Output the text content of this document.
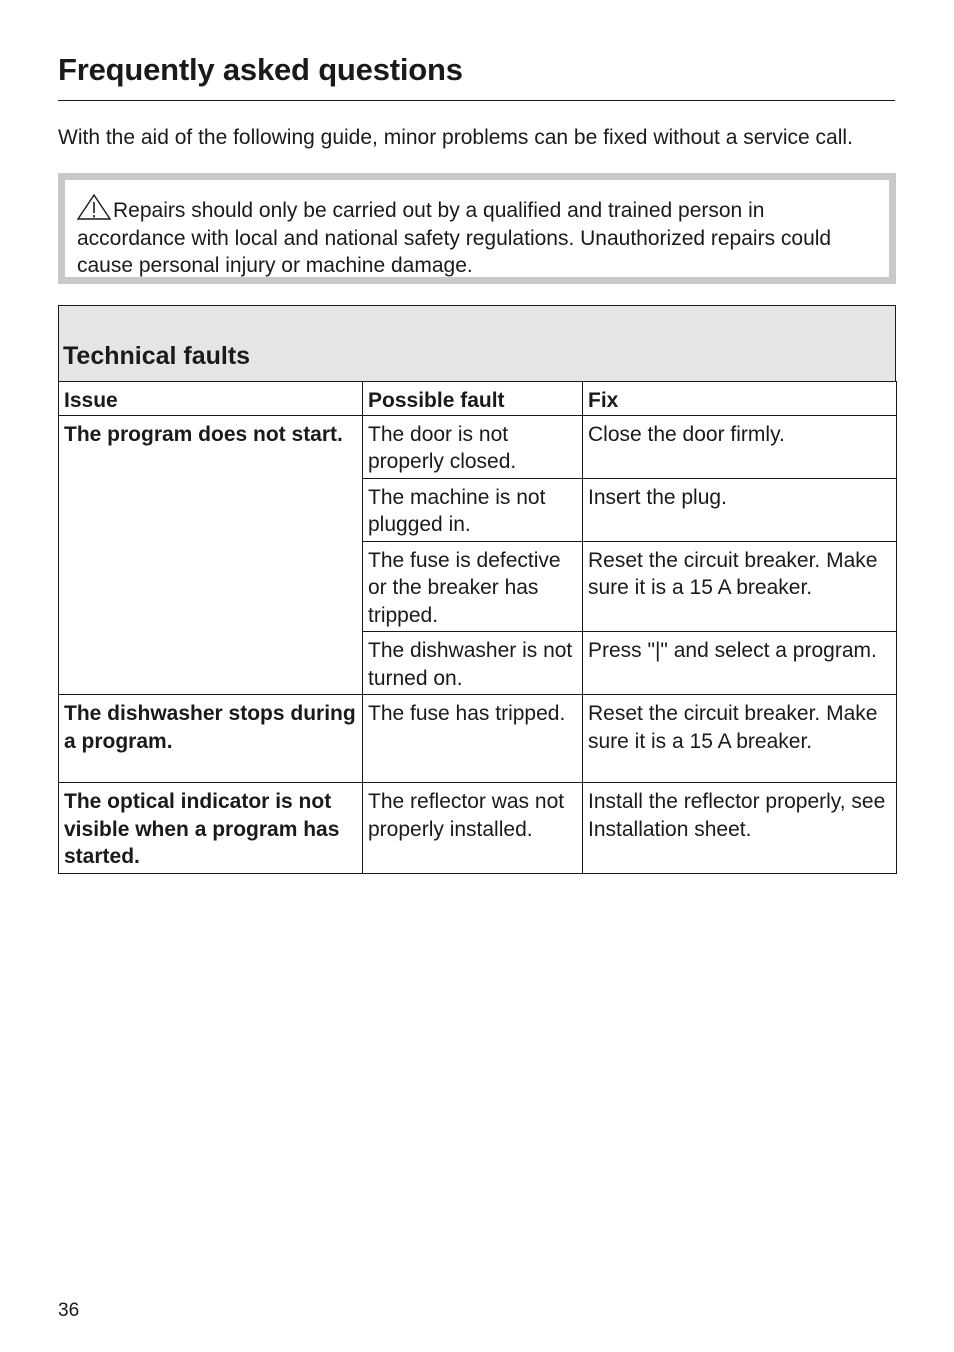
Frequently asked questions

With the aid of the following guide, minor problems can be fixed without a service call.

Repairs should only be carried out by a qualified and trained person in accordance with local and national safety regulations. Unauthorized repairs could cause personal injury or machine damage.

Technical faults
Issue	Possible fault	Fix
The program does not start.	The door is not properly closed.	Close the door firmly.
	The machine is not plugged in.	Insert the plug.
	The fuse is defective or the breaker has tripped.	Reset the circuit breaker. Make sure it is a 15 A breaker.
	The dishwasher is not turned on.	Press "|" and select a program.
The dishwasher stops during a program.	The fuse has tripped.	Reset the circuit breaker. Make sure it is a 15 A breaker.
The optical indicator is not visible when a program has started.	The reflector was not properly installed.	Install the reflector properly, see Installation sheet.

36
